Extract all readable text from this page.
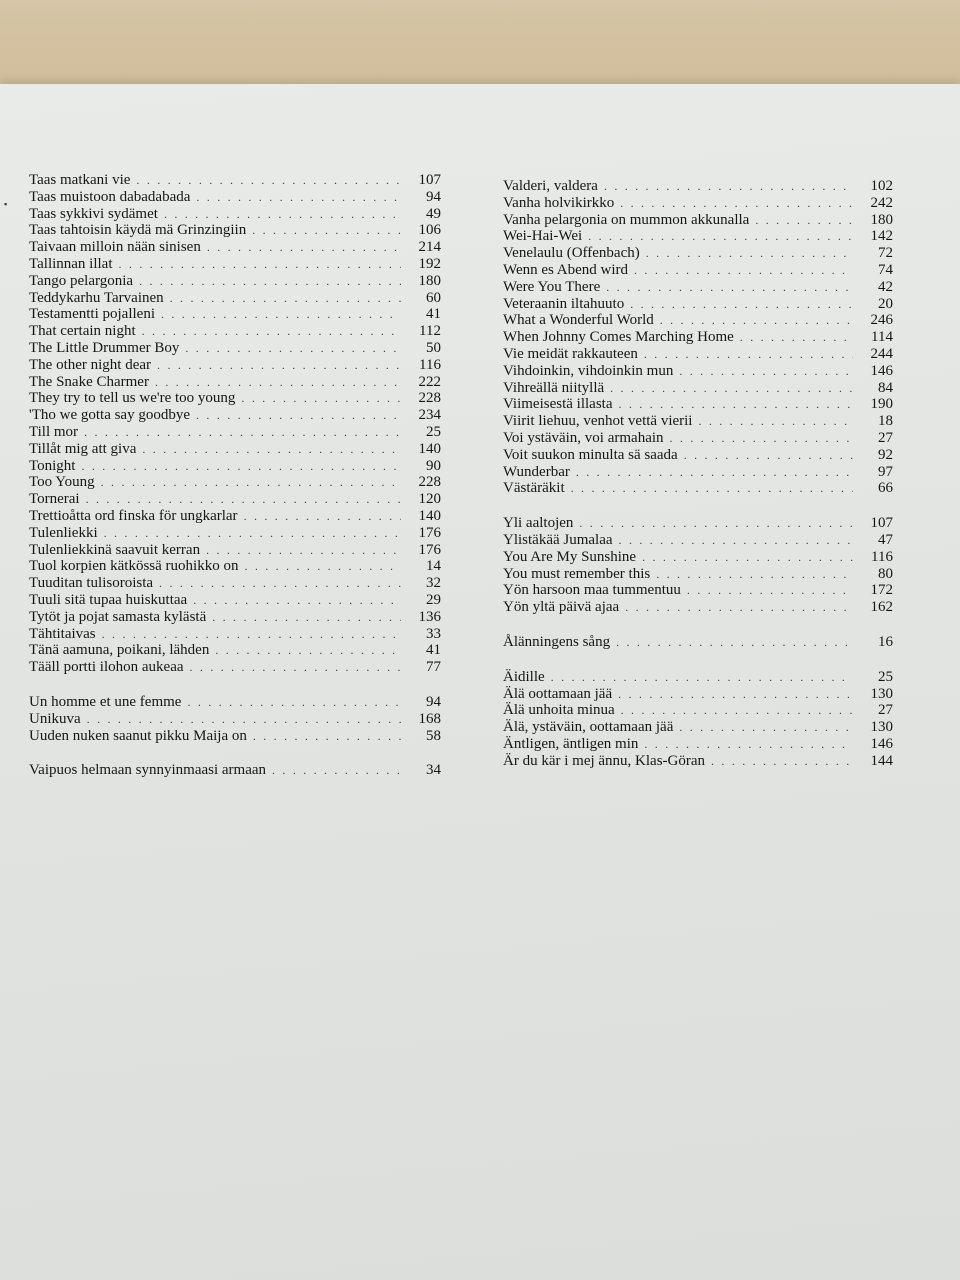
▪
Taas matkani vie . . .	107
Taas muistoon dabadabada . . .	94
Taas sykkivi sydämet . . .	49
Taas tahtoisin käydä mä Grinzingiin . . .	106
Taivaan milloin nään sinisen . . .	214
Tallinnan illat . . .	192
Tango pelargonia . . .	180
Teddykarhu Tarvainen . . .	60
Testamentti pojalleni . . .	41
That certain night . . .	112
The Little Drummer Boy . . .	50
The other night dear . . .	116
The Snake Charmer . . .	222
They try to tell us we're too young . . .	228
'Tho we gotta say goodbye . . .	234
Till mor . . .	25
Tillåt mig att giva . . .	140
Tonight . . .	90
Too Young . . .	228
Tornerai . . .	120
Trettioåtta ord finska för ungkarlar . . .	140
Tulenliekki . . .	176
Tulenliekkinä saavuit kerran . . .	176
Tuol korpien kätkössä ruohikko on . . .	14
Tuuditan tulisoroista . . .	32
Tuuli sitä tupaa huiskuttaa . . .	29
Tytöt ja pojat samasta kylästä . . .	136
Tähtitaivas . . .	33
Tänä aamuna, poikani, lähden . . .	41
Tääll portti ilohon aukeaa . . .	77
Un homme et une femme . . .	94
Unikuva . . .	168
Uuden nuken saanut pikku Maija on . . .	58
Vaipuos helmaan synnyinmaasi armaan . . .	34
Valderi, valdera . . .	102
Vanha holvikirkko . . .	242
Vanha pelargonia on mummon akkunalla . . .	180
Wei-Hai-Wei . . .	142
Venelaulu (Offenbach) . . .	72
Wenn es Abend wird . . .	74
Were You There . . .	42
Veteraanin iltahuuto . . .	20
What a Wonderful World . . .	246
When Johnny Comes Marching Home . . .	114
Vie meidät rakkauteen . . .	244
Vihdoinkin, vihdoinkin mun . . .	146
Vihreällä niityllä . . .	84
Viimeisestä illasta . . .	190
Viirit liehuu, venhot vettä vierii . . .	18
Voi ystäväin, voi armahain . . .	27
Voit suukon minulta sä saada . . .	92
Wunderbar . . .	97
Västäräkit . . .	66
Yli aaltojen . . .	107
Ylistäkää Jumalaa . . .	47
You Are My Sunshine . . .	116
You must remember this . . .	80
Yön harsoon maa tummentuu . . .	172
Yön yltä päivä ajaa . . .	162
Ålänningens sång . . .	16
Äidille . . .	25
Älä oottamaan jää . . .	130
Älä unhoita minua . . .	27
Älä, ystäväin, oottamaan jää . . .	130
Äntligen, äntligen min . . .	146
Är du kär i mej ännu, Klas-Göran . . .	144
